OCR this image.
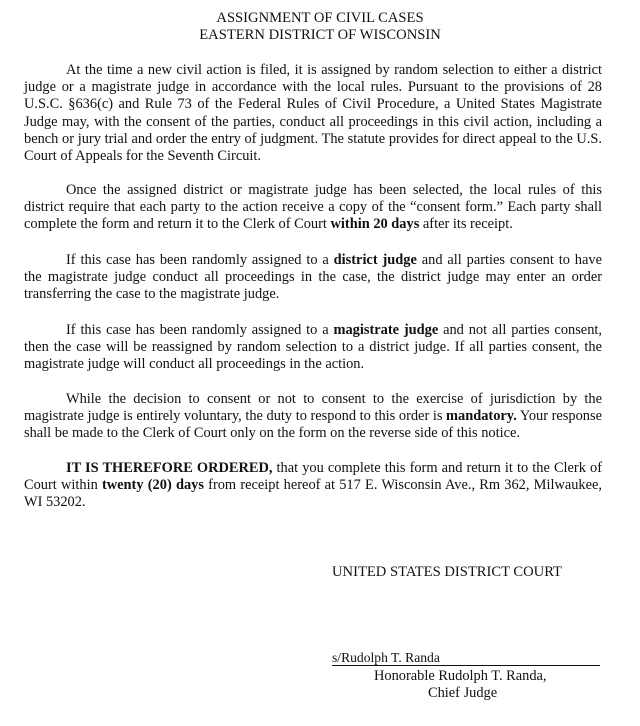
ASSIGNMENT OF CIVIL CASES
EASTERN DISTRICT OF WISCONSIN

At the time a new civil action is filed, it is assigned by random selection to either a district judge or a magistrate judge in accordance with the local rules. Pursuant to the provisions of 28 U.S.C. §636(c) and Rule 73 of the Federal Rules of Civil Procedure, a United States Magistrate Judge may, with the consent of the parties, conduct all proceedings in this civil action, including a bench or jury trial and order the entry of judgment. The statute provides for direct appeal to the U.S. Court of Appeals for the Seventh Circuit.

Once the assigned district or magistrate judge has been selected, the local rules of this district require that each party to the action receive a copy of the “consent form.” Each party shall complete the form and return it to the Clerk of Court within 20 days after its receipt.

If this case has been randomly assigned to a district judge and all parties consent to have the magistrate judge conduct all proceedings in the case, the district judge may enter an order transferring the case to the magistrate judge.

If this case has been randomly assigned to a magistrate judge and not all parties consent, then the case will be reassigned by random selection to a district judge. If all parties consent, the magistrate judge will conduct all proceedings in the action.

While the decision to consent or not to consent to the exercise of jurisdiction by the magistrate judge is entirely voluntary, the duty to respond to this order is mandatory. Your response shall be made to the Clerk of Court only on the form on the reverse side of this notice.

IT IS THEREFORE ORDERED, that you complete this form and return it to the Clerk of Court within twenty (20) days from receipt hereof at 517 E. Wisconsin Ave., Rm 362, Milwaukee, WI 53202.

UNITED STATES DISTRICT COURT
s/Rudolph T. Randa
Honorable Rudolph T. Randa,
Chief Judge
